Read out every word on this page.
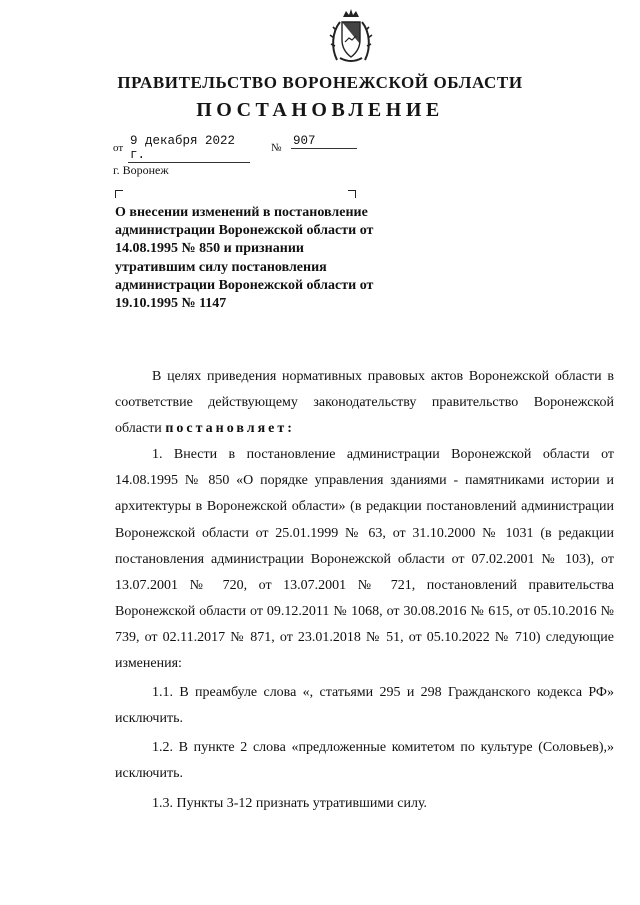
ПРАВИТЕЛЬСТВО ВОРОНЕЖСКОЙ ОБЛАСТИ
ПОСТАНОВЛЕНИЕ
от 9 декабря 2022 г.	№ 907
г. Воронеж

О внесении изменений в постановление администрации Воронежской области от 14.08.1995 № 850 и признании утратившим силу постановления администрации Воронежской области от 19.10.1995 № 1147

В целях приведения нормативных правовых актов Воронежской области в соответствие действующему законодательству правительство Воронежской области постановляет:

1. Внести в постановление администрации Воронежской области от 14.08.1995 № 850 «О порядке управления зданиями - памятниками истории и архитектуры в Воронежской области» (в редакции постановлений администрации Воронежской области от 25.01.1999 № 63, от 31.10.2000 № 1031 (в редакции постановления администрации Воронежской области от 07.02.2001 № 103), от 13.07.2001 № 720, от 13.07.2001 № 721, постановлений правительства Воронежской области от 09.12.2011 № 1068, от 30.08.2016 № 615, от 05.10.2016 № 739, от 02.11.2017 № 871, от 23.01.2018 № 51, от 05.10.2022 № 710) следующие изменения:

1.1. В преамбуле слова «, статьями 295 и 298 Гражданского кодекса РФ» исключить.

1.2. В пункте 2 слова «предложенные комитетом по культуре (Соловьев),» исключить.

1.3. Пункты 3-12 признать утратившими силу.
